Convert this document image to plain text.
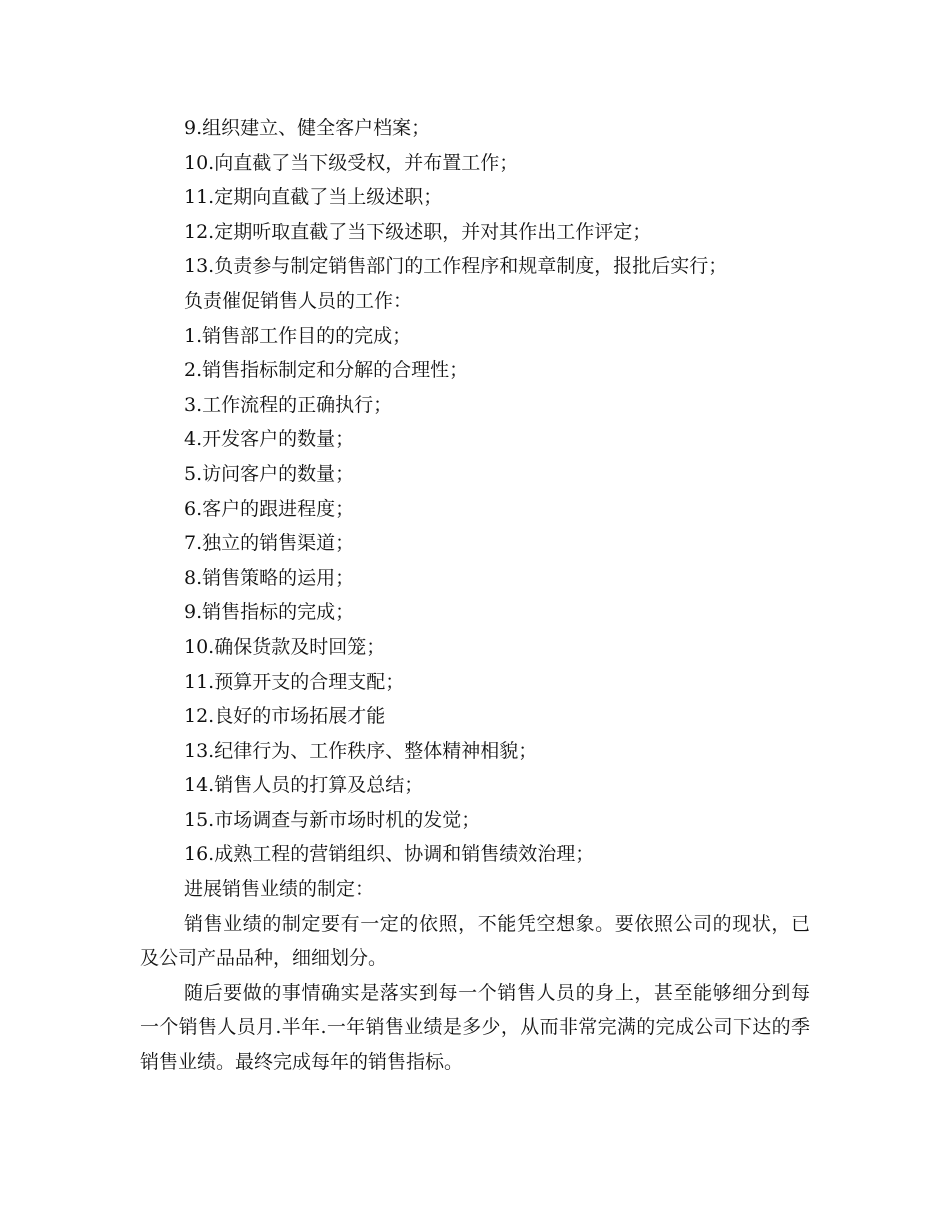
9.组织建立、健全客户档案；
10.向直截了当下级受权，并布置工作；
11.定期向直截了当上级述职；
12.定期听取直截了当下级述职，并对其作出工作评定；
13.负责参与制定销售部门的工作程序和规章制度，报批后实行；
负责催促销售人员的工作：
1.销售部工作目的的完成；
2.销售指标制定和分解的合理性；
3.工作流程的正确执行；
4.开发客户的数量；
5.访问客户的数量；
6.客户的跟进程度；
7.独立的销售渠道；
8.销售策略的运用；
9.销售指标的完成；
10.确保货款及时回笼；
11.预算开支的合理支配；
12.良好的市场拓展才能
13.纪律行为、工作秩序、整体精神相貌；
14.销售人员的打算及总结；
15.市场调查与新市场时机的发觉；
16.成熟工程的营销组织、协调和销售绩效治理；
进展销售业绩的制定：

销售业绩的制定要有一定的依照，不能凭空想象。要依照公司的现状，已及公司产品品种，细细划分。

随后要做的事情确实是落实到每一个销售人员的身上，甚至能够细分到每一个销售人员月.半年.一年销售业绩是多少，从而非常完满的完成公司下达的季销售业绩。最终完成每年的销售指标。
